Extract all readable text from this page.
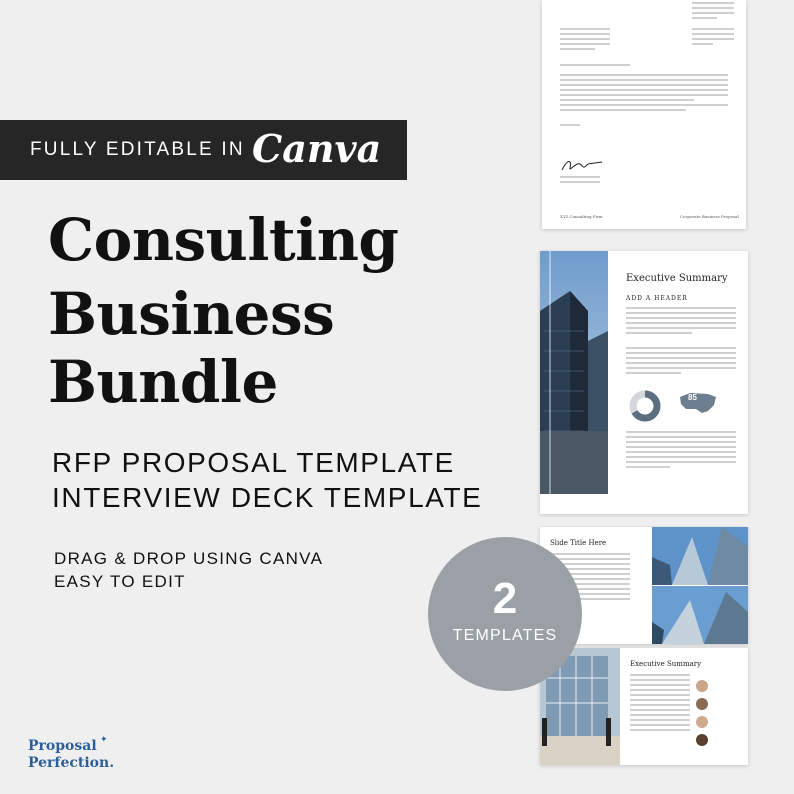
FULLY EDITABLE IN Canva
Consulting
Business
Bundle
RFP PROPOSAL TEMPLATE
INTERVIEW DECK TEMPLATE
DRAG & DROP USING CANVA
EASY TO EDIT
Proposal
Perfection.
✦
XYZ Consulting Firm	Corporate Business Proposal
Executive Summary
ADD A HEADER
85
Slide Title Here
Executive Summary
2
TEMPLATES
